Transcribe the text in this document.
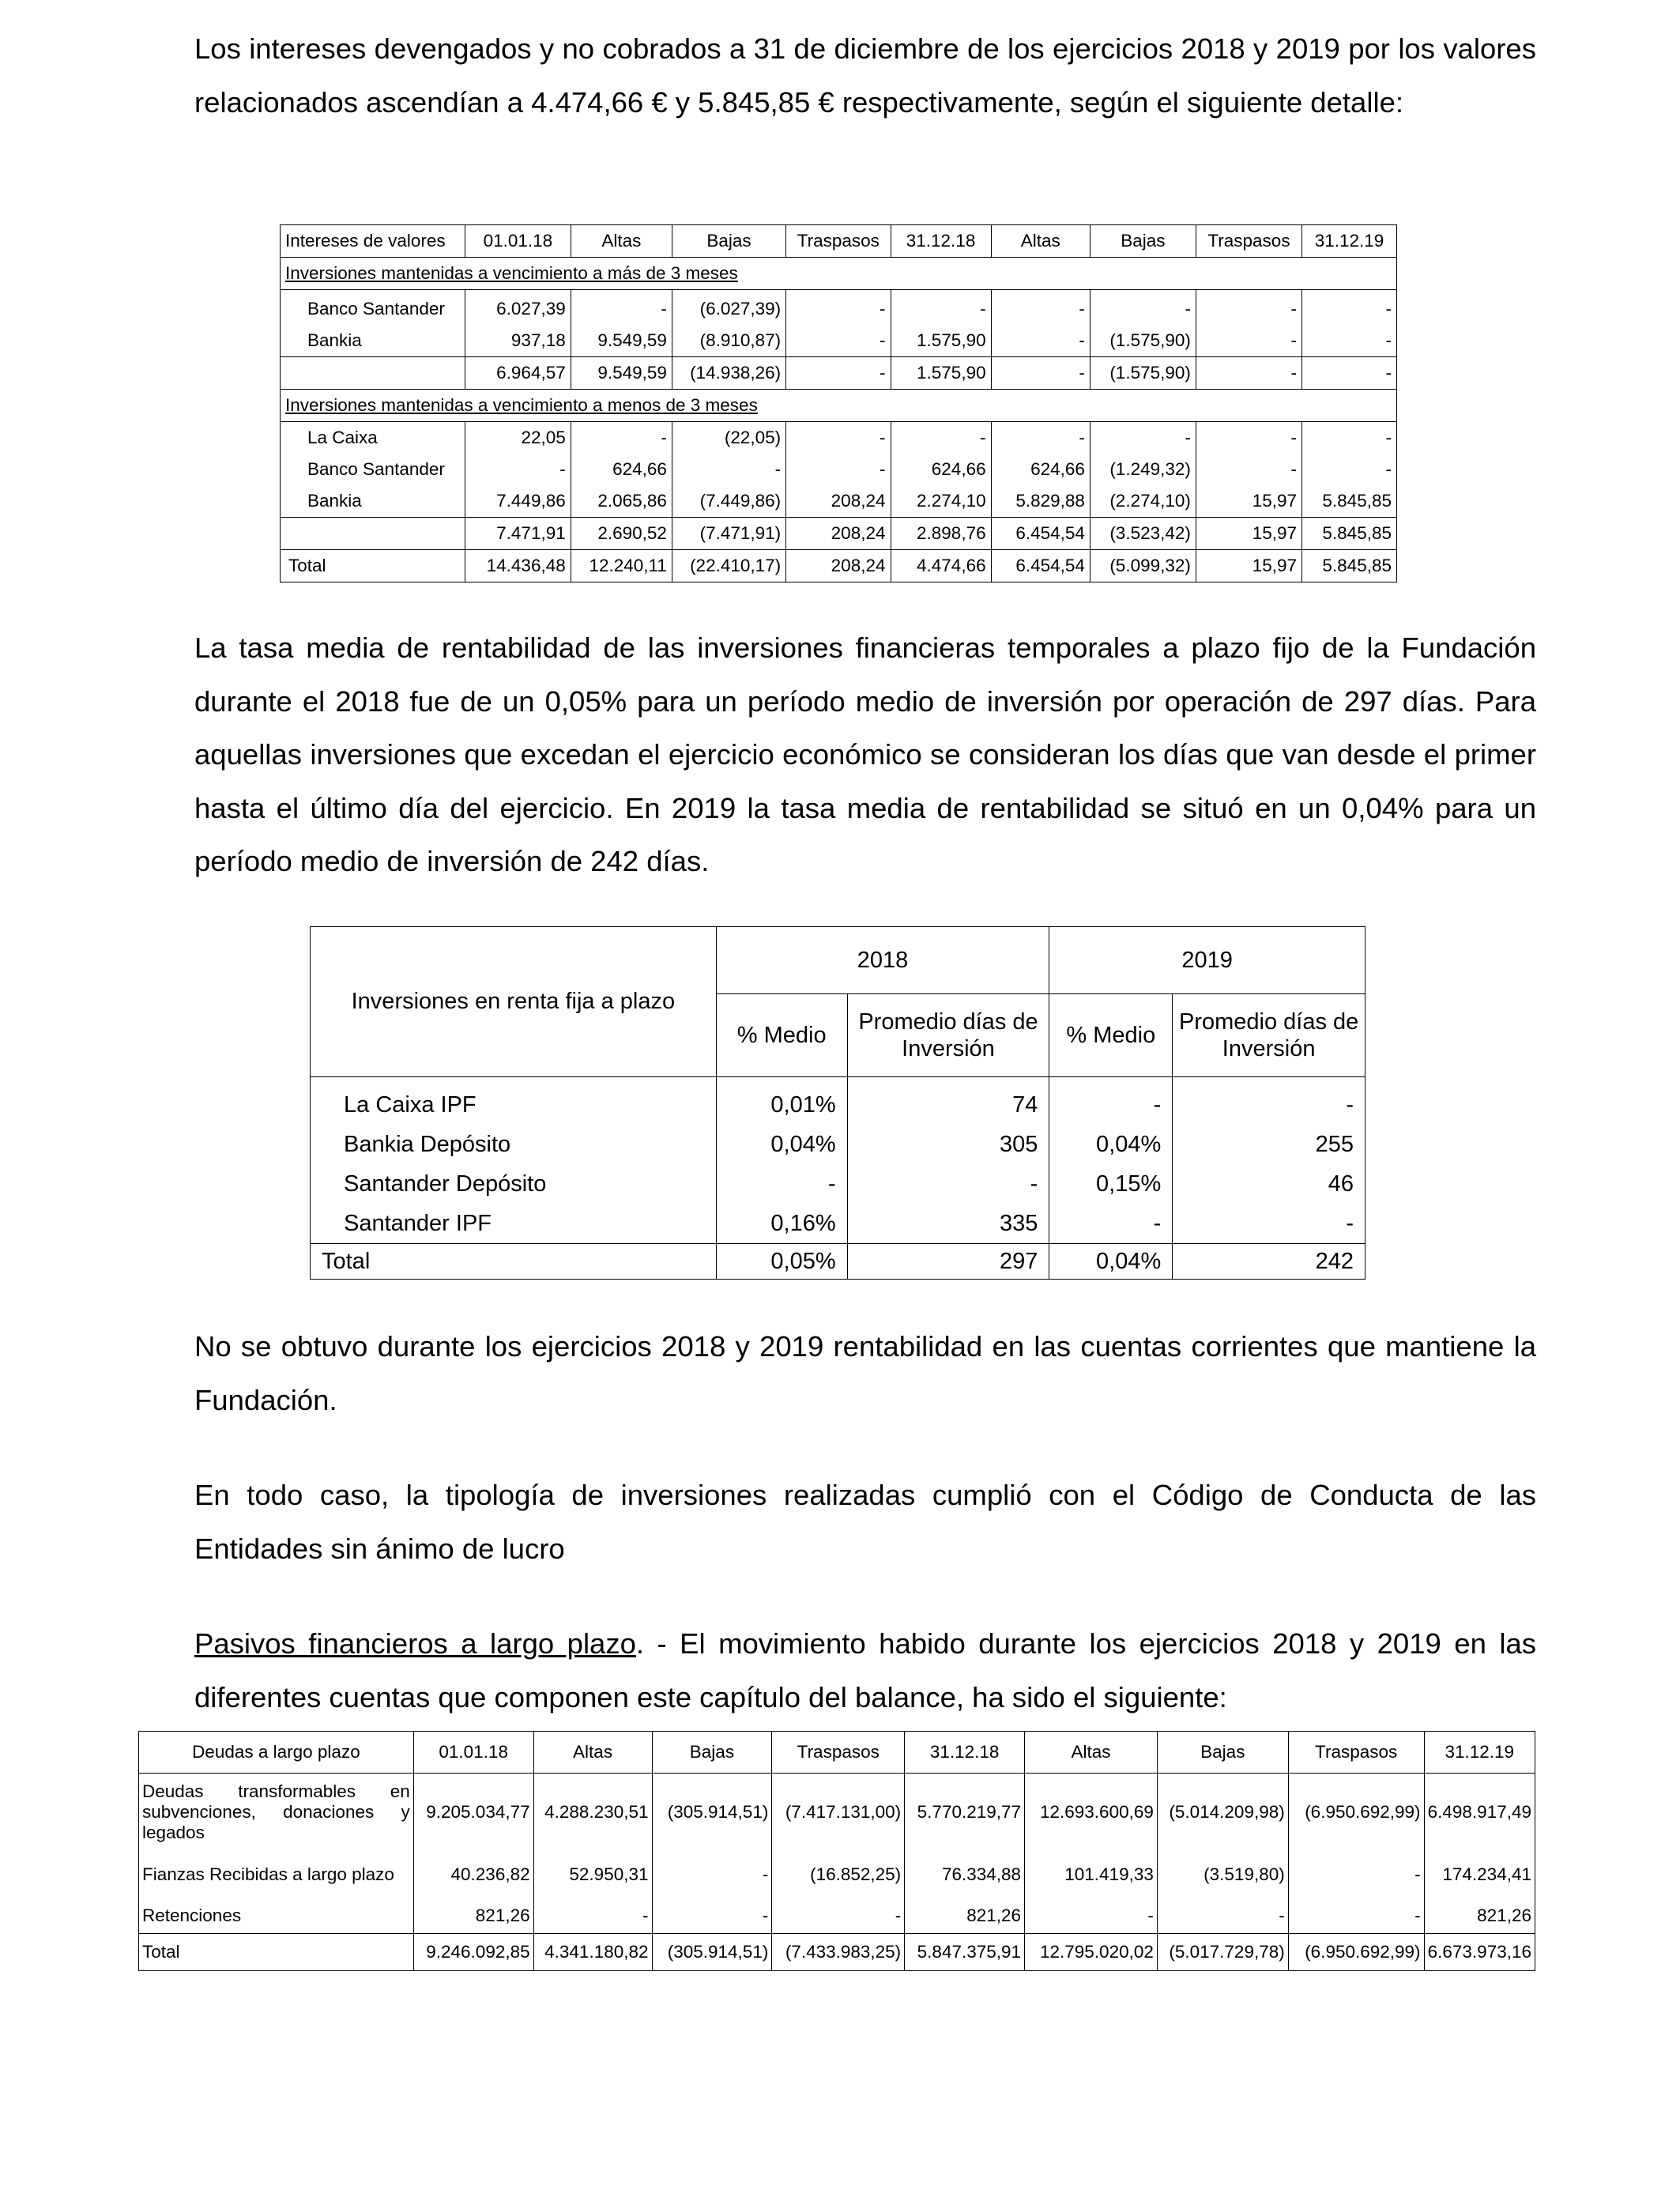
Los intereses devengados y no cobrados a 31 de diciembre de los ejercicios 2018 y 2019 por los valores relacionados ascendían a 4.474,66 € y 5.845,85 € respectivamente, según el siguiente detalle:

Intereses de valores	01.01.18	Altas	Bajas	Traspasos	31.12.18	Altas	Bajas	Traspasos	31.12.19
Inversiones mantenidas a vencimiento a más de 3 meses									
Banco Santander	6.027,39	-	(6.027,39)	-	-	-	-	-	-
Bankia	937,18	9.549,59	(8.910,87)	-	1.575,90	-	(1.575,90)	-	-
	6.964,57	9.549,59	(14.938,26)	-	1.575,90	-	(1.575,90)	-	-
Inversiones mantenidas a vencimiento a menos de 3 meses									
La Caixa	22,05	-	(22,05)	-	-	-	-	-	-
Banco Santander	-	624,66	-	-	624,66	624,66	(1.249,32)	-	-
Bankia	7.449,86	2.065,86	(7.449,86)	208,24	2.274,10	5.829,88	(2.274,10)	15,97	5.845,85
	7.471,91	2.690,52	(7.471,91)	208,24	2.898,76	6.454,54	(3.523,42)	15,97	5.845,85
Total	14.436,48	12.240,11	(22.410,17)	208,24	4.474,66	6.454,54	(5.099,32)	15,97	5.845,85

La tasa media de rentabilidad de las inversiones financieras temporales a plazo fijo de la Fundación durante el 2018 fue de un 0,05% para un período medio de inversión por operación de 297 días. Para aquellas inversiones que excedan el ejercicio económico se consideran los días que van desde el primer hasta el último día del ejercicio. En 2019 la tasa media de rentabilidad se situó en un 0,04% para un período medio de inversión de 242 días.

Inversiones en renta fija a plazo	2018		2019	
	% Medio	Promedio días de Inversión	% Medio	Promedio días de Inversión
La Caixa IPF	0,01%	74	-	-
Bankia Depósito	0,04%	305	0,04%	255
Santander Depósito	-	-	0,15%	46
Santander IPF	0,16%	335	-	-
Total	0,05%	297	0,04%	242

No se obtuvo durante los ejercicios 2018 y 2019 rentabilidad en las cuentas corrientes que mantiene la Fundación.

En todo caso, la tipología de inversiones realizadas cumplió con el Código de Conducta de las Entidades sin ánimo de lucro

Pasivos financieros a largo plazo. - El movimiento habido durante los ejercicios 2018 y 2019 en las diferentes cuentas que componen este capítulo del balance, ha sido el siguiente:

Deudas a largo plazo	01.01.18	Altas	Bajas	Traspasos	31.12.18	Altas	Bajas	Traspasos	31.12.19
Deudas transformables en subvenciones, donaciones y legados	9.205.034,77	4.288.230,51	(305.914,51)	(7.417.131,00)	5.770.219,77	12.693.600,69	(5.014.209,98)	(6.950.692,99)	6.498.917,49
Fianzas Recibidas a largo plazo	40.236,82	52.950,31	-	(16.852,25)	76.334,88	101.419,33	(3.519,80)	-	174.234,41
Retenciones	821,26	-	-	-	821,26	-	-	-	821,26
Total	9.246.092,85	4.341.180,82	(305.914,51)	(7.433.983,25)	5.847.375,91	12.795.020,02	(5.017.729,78)	(6.950.692,99)	6.673.973,16
